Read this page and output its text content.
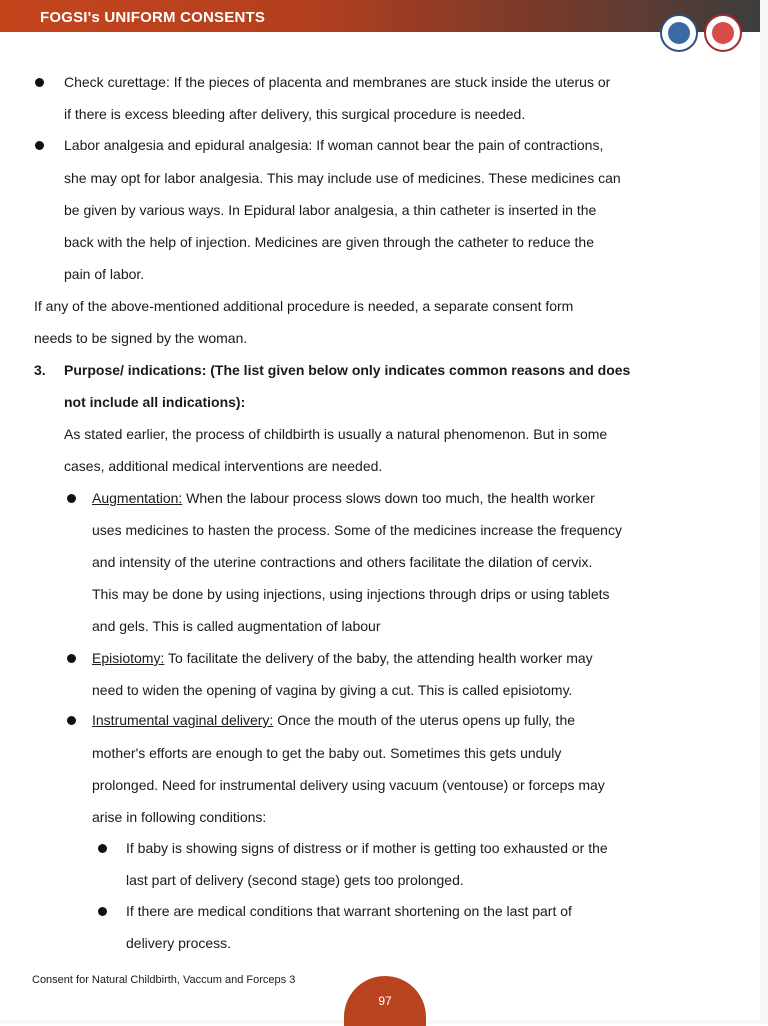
FOGSI's UNIFORM CONSENTS
Check curettage: If the pieces of placenta and membranes are stuck inside the uterus or
if there is excess bleeding after delivery, this surgical procedure is needed.
Labor analgesia and epidural analgesia: If woman cannot bear the pain of contractions,
she may opt for labor analgesia. This may include use of medicines. These medicines can
be given by various ways. In Epidural labor analgesia, a thin catheter is inserted in the
back with the help of injection. Medicines are given through the catheter to reduce the
pain of labor.
If any of the above-mentioned additional procedure is needed, a separate consent form
needs to be signed by the woman.
3. Purpose/ indications: (The list given below only indicates common reasons and does
not include all indications):
As stated earlier, the process of childbirth is usually a natural phenomenon. But in some
cases, additional medical interventions are needed.
Augmentation: When the labour process slows down too much, the health worker
uses medicines to hasten the process. Some of the medicines increase the frequency
and intensity of the uterine contractions and others facilitate the dilation of cervix.
This may be done by using injections, using injections through drips or using tablets
and gels. This is called augmentation of labour
Episiotomy: To facilitate the delivery of the baby, the attending health worker may
need to widen the opening of vagina by giving a cut. This is called episiotomy.
Instrumental vaginal delivery: Once the mouth of the uterus opens up fully, the
mother's efforts are enough to get the baby out. Sometimes this gets unduly
prolonged. Need for instrumental delivery using vacuum (ventouse) or forceps may
arise in following conditions:
If baby is showing signs of distress or if mother is getting too exhausted or the
last part of delivery (second stage) gets too prolonged.
If there are medical conditions that warrant shortening on the last part of
delivery process.
Consent for Natural Childbirth, Vaccum and Forceps 3
97
